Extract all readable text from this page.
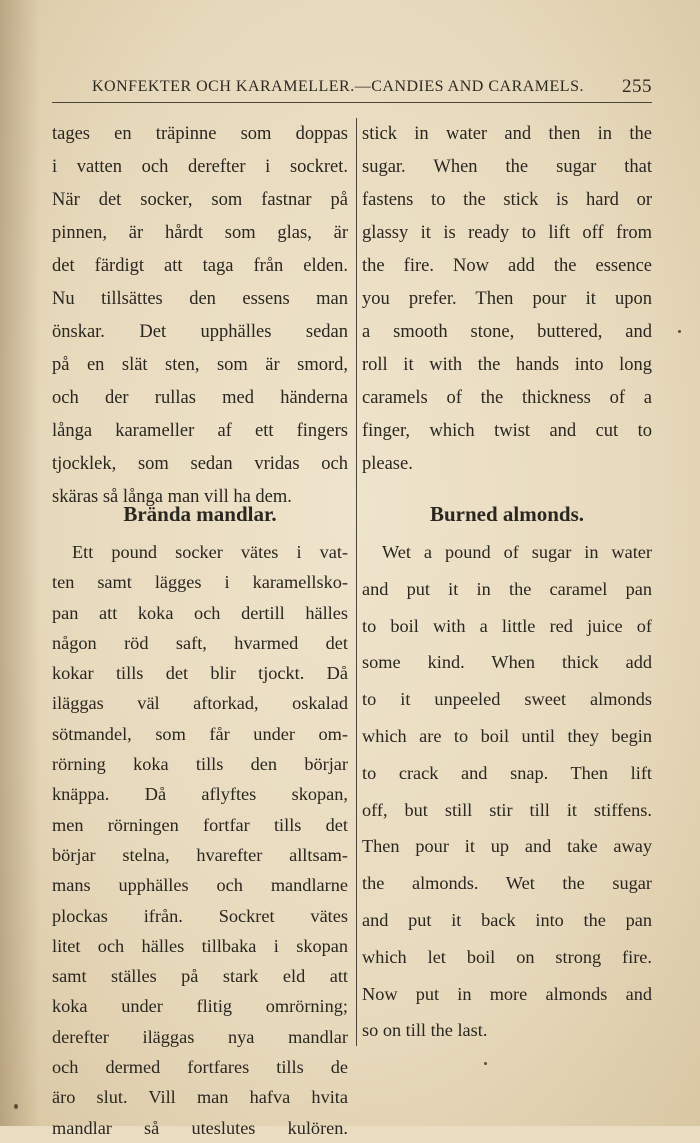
KONFEKTER OCH KARAMELLER.—CANDIES AND CARAMELS. 255
tages en träpinne som doppas
i vatten och derefter i sockret.
När det socker, som fastnar på
pinnen, är hårdt som glas, är
det färdigt att taga från elden.
Nu tillsättes den essens man
önskar. Det upphälles sedan
på en slät sten, som är smord,
och der rullas med händerna
långa karameller af ett fingers
tjocklek, som sedan vridas och
skäras så långa man vill ha dem.
stick in water and then in the
sugar. When the sugar that
fastens to the stick is hard or
glassy it is ready to lift off from
the fire. Now add the essence
you prefer. Then pour it upon
a smooth stone, buttered, and
roll it with the hands into long
caramels of the thickness of a
finger, which twist and cut to
please.
Brända mandlar.	Burned almonds.
Ett pound socker vätes i vat-
ten samt lägges i karamellsko-
pan att koka och dertill hälles
någon röd saft, hvarmed det
kokar tills det blir tjockt. Då
iläggas väl aftorkad, oskalad
sötmandel, som får under om-
rörning koka tills den börjar
knäppa. Då aflyftes skopan,
men rörningen fortfar tills det
börjar stelna, hvarefter alltsam-
mans upphälles och mandlarne
plockas ifrån. Sockret vätes
litet och hälles tillbaka i skopan
samt ställes på stark eld att
koka under flitig omrörning;
derefter iläggas nya mandlar
och dermed fortfares tills de
äro slut. Vill man hafva hvita
mandlar så uteslutes kulören.
Wet a pound of sugar in water
and put it in the caramel pan
to boil with a little red juice of
some kind. When thick add
to it unpeeled sweet almonds
which are to boil until they begin
to crack and snap. Then lift
off, but still stir till it stiffens.
Then pour it up and take away
the almonds. Wet the sugar
and put it back into the pan
which let boil on strong fire.
Now put in more almonds and
so on till the last.
